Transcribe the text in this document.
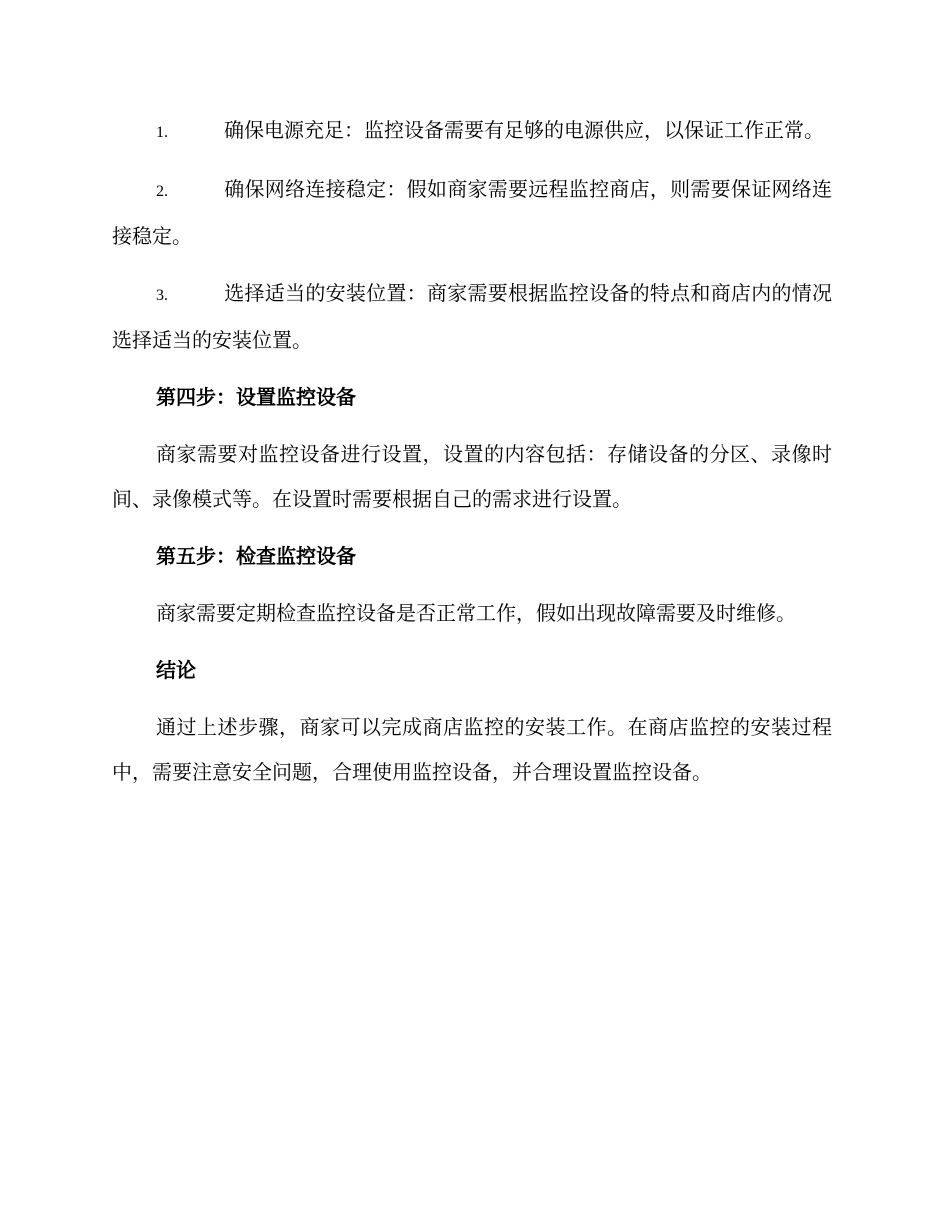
1.	确保电源充足：监控设备需要有足够的电源供应，以保证工作正常。

2.	确保网络连接稳定：假如商家需要远程监控商店，则需要保证网络连接稳定。

3.	选择适当的安装位置：商家需要根据监控设备的特点和商店内的情况选择适当的安装位置。

第四步：设置监控设备

商家需要对监控设备进行设置，设置的内容包括：存储设备的分区、录像时间、录像模式等。在设置时需要根据自己的需求进行设置。

第五步：检查监控设备

商家需要定期检查监控设备是否正常工作，假如出现故障需要及时维修。

结论

通过上述步骤，商家可以完成商店监控的安装工作。在商店监控的安装过程中，需要注意安全问题，合理使用监控设备，并合理设置监控设备。
